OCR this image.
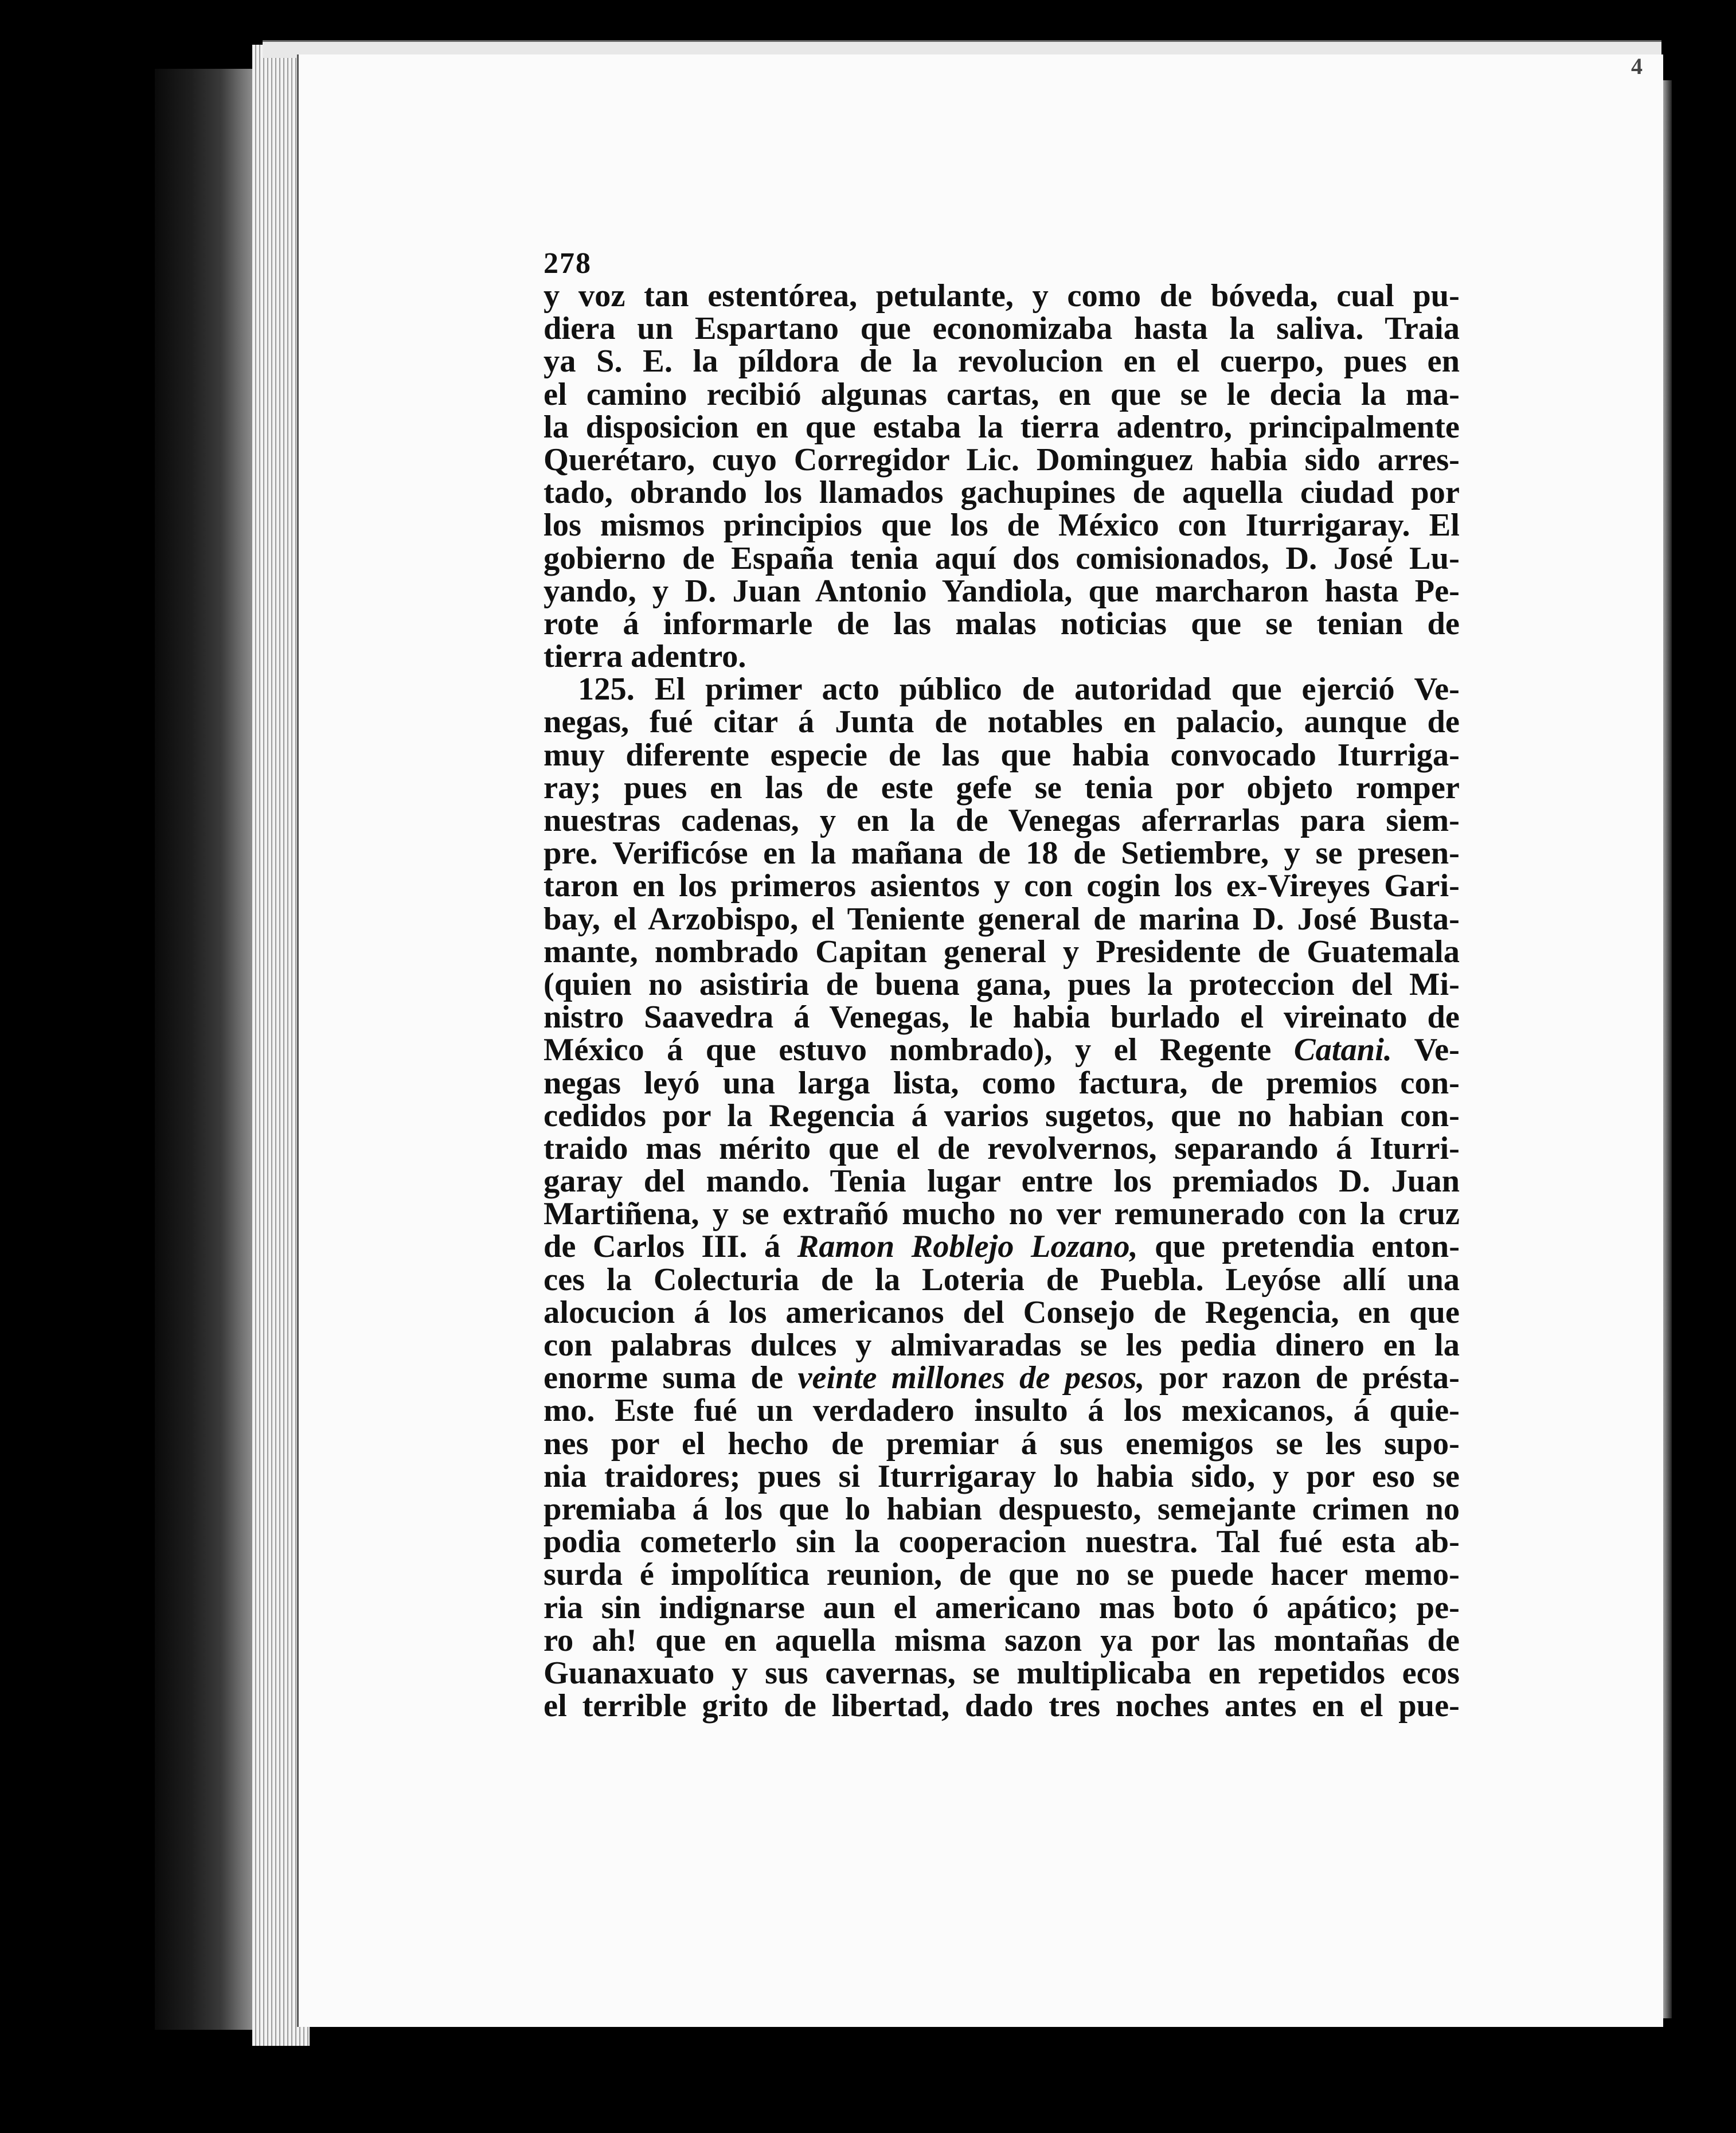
4
278
y voz tan estentórea, petulante, y como de bóveda, cual pu-
diera un Espartano que economizaba hasta la saliva. Traia
ya S. E. la píldora de la revolucion en el cuerpo, pues en
el camino recibió algunas cartas, en que se le decia la ma-
la disposicion en que estaba la tierra adentro, principalmente
Querétaro, cuyo Corregidor Lic. Dominguez habia sido arres-
tado, obrando los llamados gachupines de aquella ciudad por
los mismos principios que los de México con Iturrigaray. El
gobierno de España tenia aquí dos comisionados, D. José Lu-
yando, y D. Juan Antonio Yandiola, que marcharon hasta Pe-
rote á informarle de las malas noticias que se tenian de
tierra adentro.
125. El primer acto público de autoridad que ejerció Ve-
negas, fué citar á Junta de notables en palacio, aunque de
muy diferente especie de las que habia convocado Iturriga-
ray; pues en las de este gefe se tenia por objeto romper
nuestras cadenas, y en la de Venegas aferrarlas para siem-
pre. Verificóse en la mañana de 18 de Setiembre, y se presen-
taron en los primeros asientos y con cogin los ex-Vireyes Gari-
bay, el Arzobispo, el Teniente general de marina D. José Busta-
mante, nombrado Capitan general y Presidente de Guatemala
(quien no asistiria de buena gana, pues la proteccion del Mi-
nistro Saavedra á Venegas, le habia burlado el vireinato de
México á que estuvo nombrado), y el Regente Catani. Ve-
negas leyó una larga lista, como factura, de premios con-
cedidos por la Regencia á varios sugetos, que no habian con-
traido mas mérito que el de revolvernos, separando á Iturri-
garay del mando. Tenia lugar entre los premiados D. Juan
Martiñena, y se extrañó mucho no ver remunerado con la cruz
de Carlos III. á Ramon Roblejo Lozano, que pretendia enton-
ces la Colecturia de la Loteria de Puebla. Leyóse allí una
alocucion á los americanos del Consejo de Regencia, en que
con palabras dulces y almivaradas se les pedia dinero en la
enorme suma de veinte millones de pesos, por razon de présta-
mo. Este fué un verdadero insulto á los mexicanos, á quie-
nes por el hecho de premiar á sus enemigos se les supo-
nia traidores; pues si Iturrigaray lo habia sido, y por eso se
premiaba á los que lo habian despuesto, semejante crimen no
podia cometerlo sin la cooperacion nuestra. Tal fué esta ab-
surda é impolítica reunion, de que no se puede hacer memo-
ria sin indignarse aun el americano mas boto ó apático; pe-
ro ah! que en aquella misma sazon ya por las montañas de
Guanaxuato y sus cavernas, se multiplicaba en repetidos ecos
el terrible grito de libertad, dado tres noches antes en el pue-
